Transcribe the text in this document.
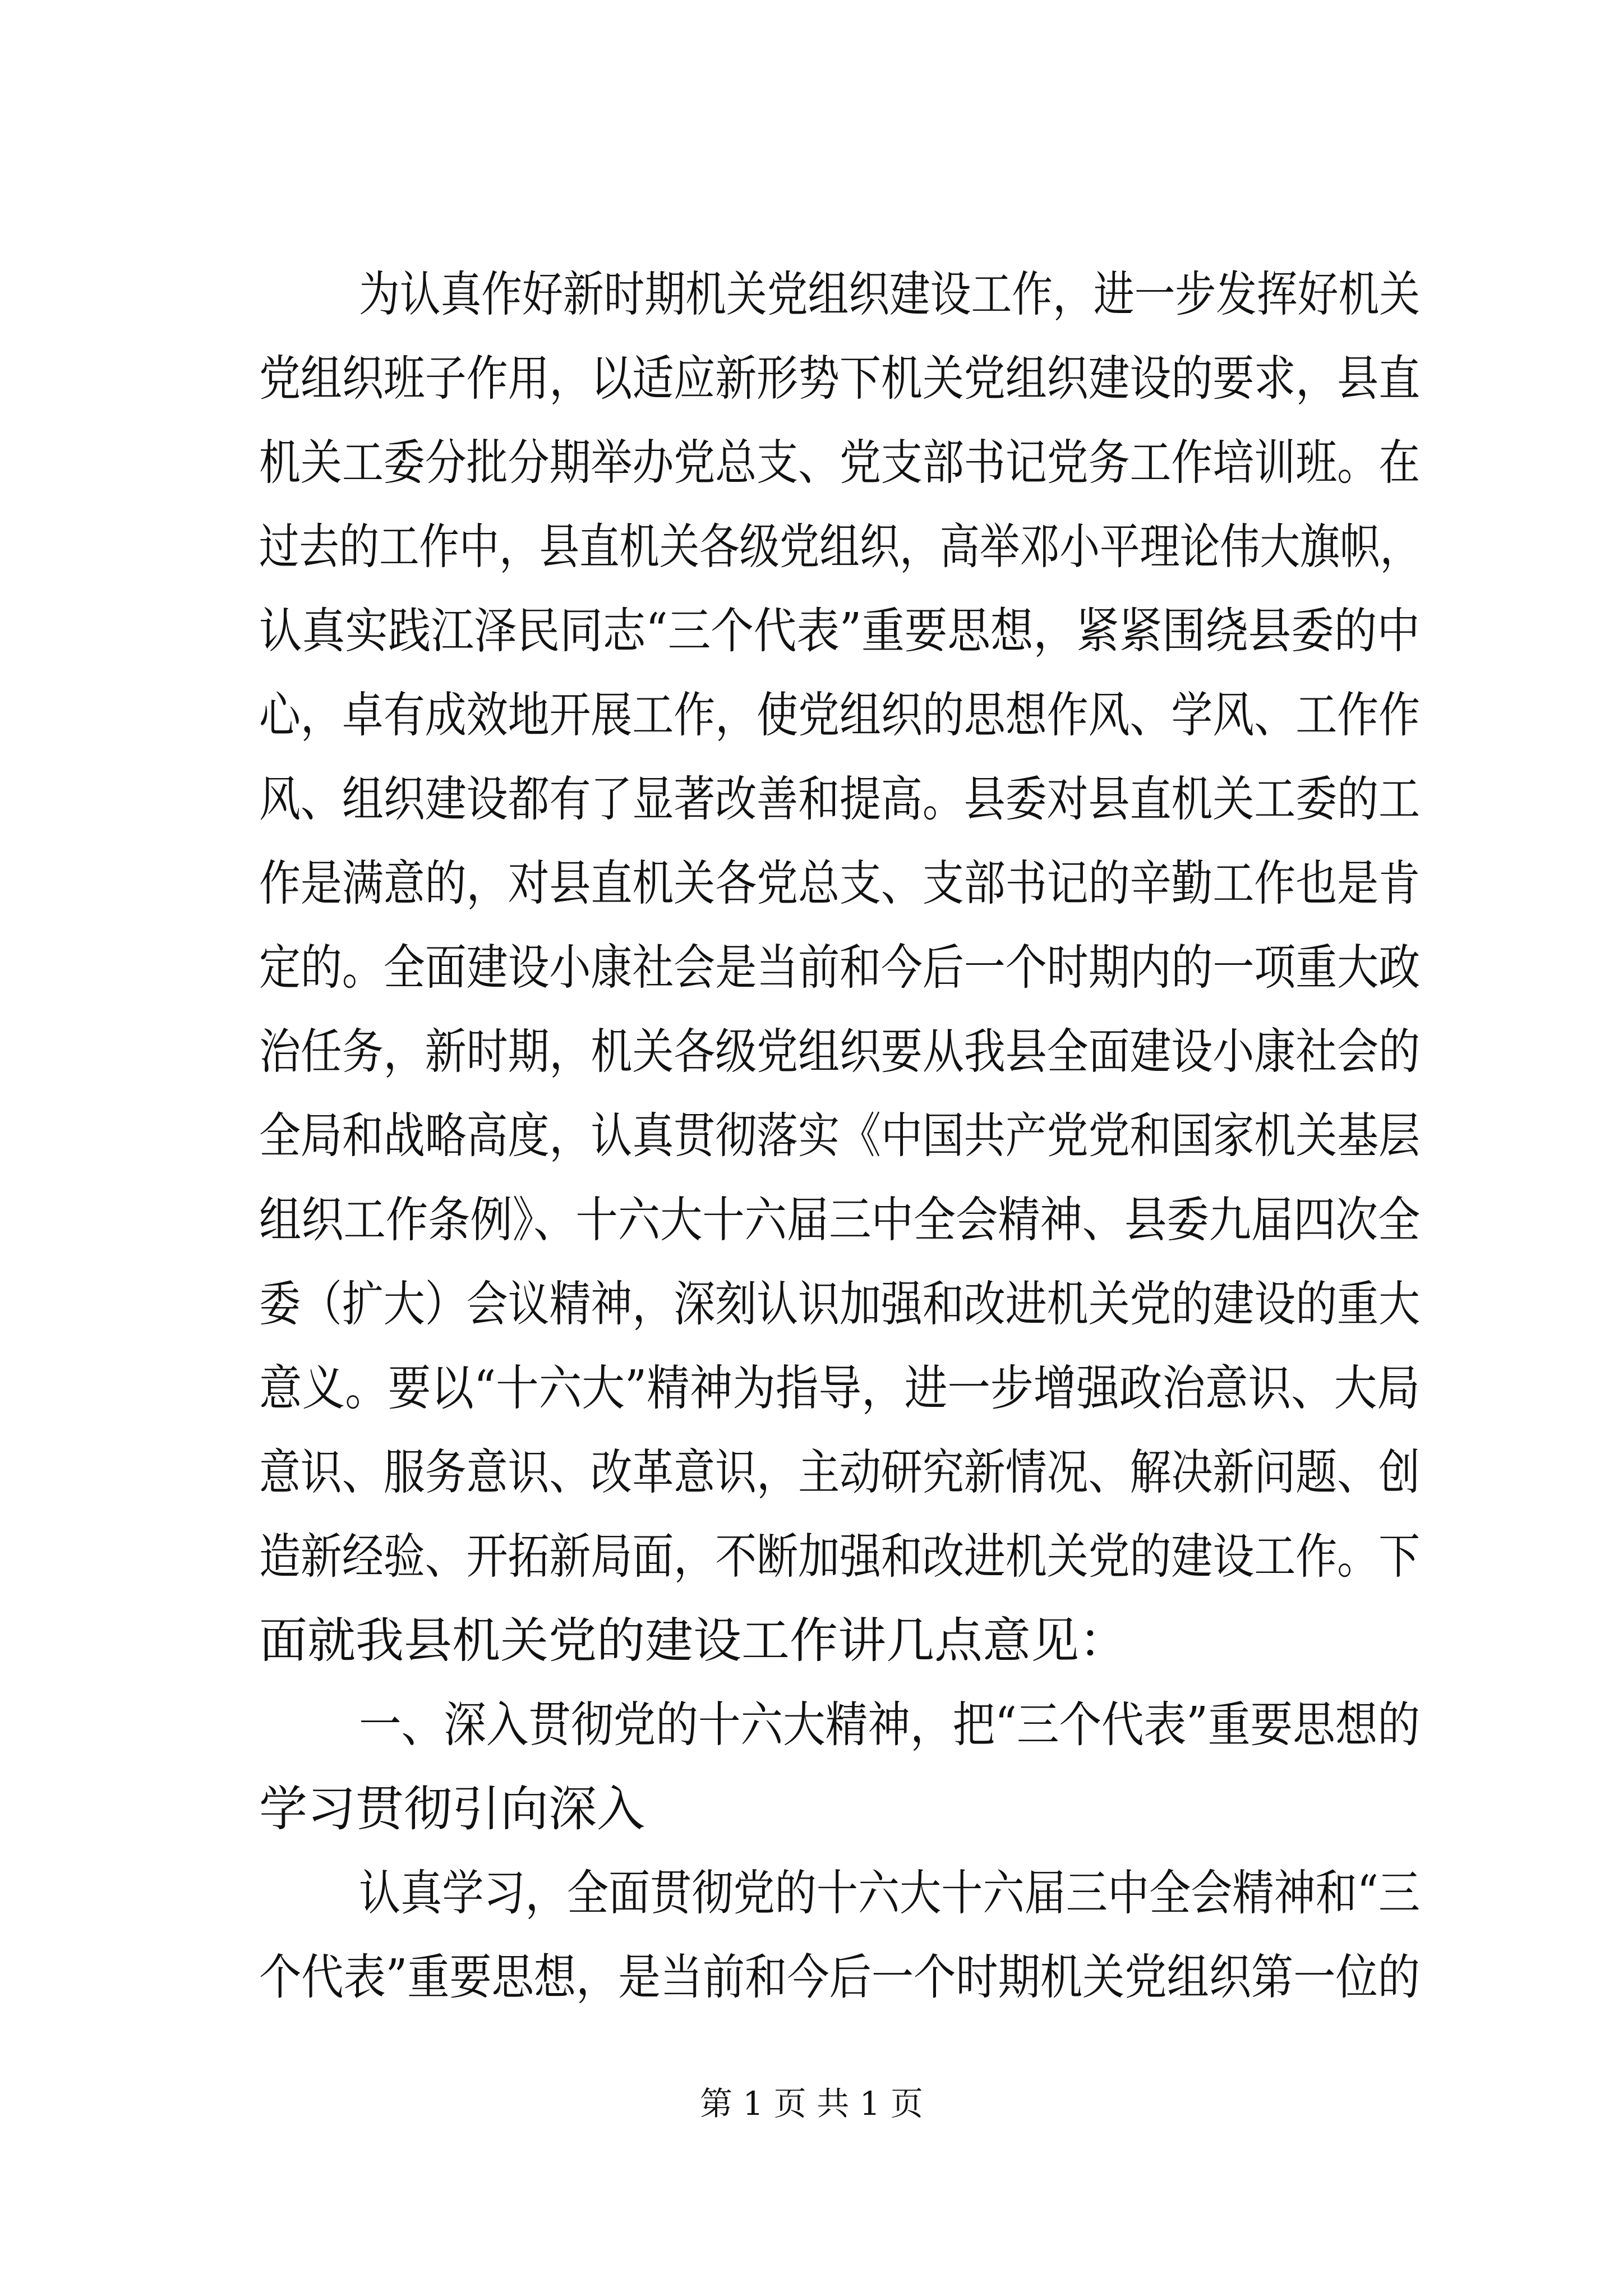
为认真作好新时期机关党组织建设工作，进一步发挥好机关
党组织班子作用，以适应新形势下机关党组织建设的要求，县直
机关工委分批分期举办党总支、党支部书记党务工作培训班。在
过去的工作中，县直机关各级党组织，高举邓小平理论伟大旗帜，
认真实践江泽民同志“三个代表”重要思想，紧紧围绕县委的中
心，卓有成效地开展工作，使党组织的思想作风、学风、工作作
风、组织建设都有了显著改善和提高。县委对县直机关工委的工
作是满意的，对县直机关各党总支、支部书记的辛勤工作也是肯
定的。全面建设小康社会是当前和今后一个时期内的一项重大政
治任务，新时期，机关各级党组织要从我县全面建设小康社会的
全局和战略高度，认真贯彻落实《中国共产党党和国家机关基层
组织工作条例》、十六大十六届三中全会精神、县委九届四次全
委（扩大）会议精神，深刻认识加强和改进机关党的建设的重大
意义。要以“十六大”精神为指导，进一步增强政治意识、大局
意识、服务意识、改革意识，主动研究新情况、解决新问题、创
造新经验、开拓新局面，不断加强和改进机关党的建设工作。下
面就我县机关党的建设工作讲几点意见：
一、深入贯彻党的十六大精神，把“三个代表”重要思想的
学习贯彻引向深入
认真学习，全面贯彻党的十六大十六届三中全会精神和“三
个代表”重要思想，是当前和今后一个时期机关党组织第一位的
第 1 页 共 1 页
